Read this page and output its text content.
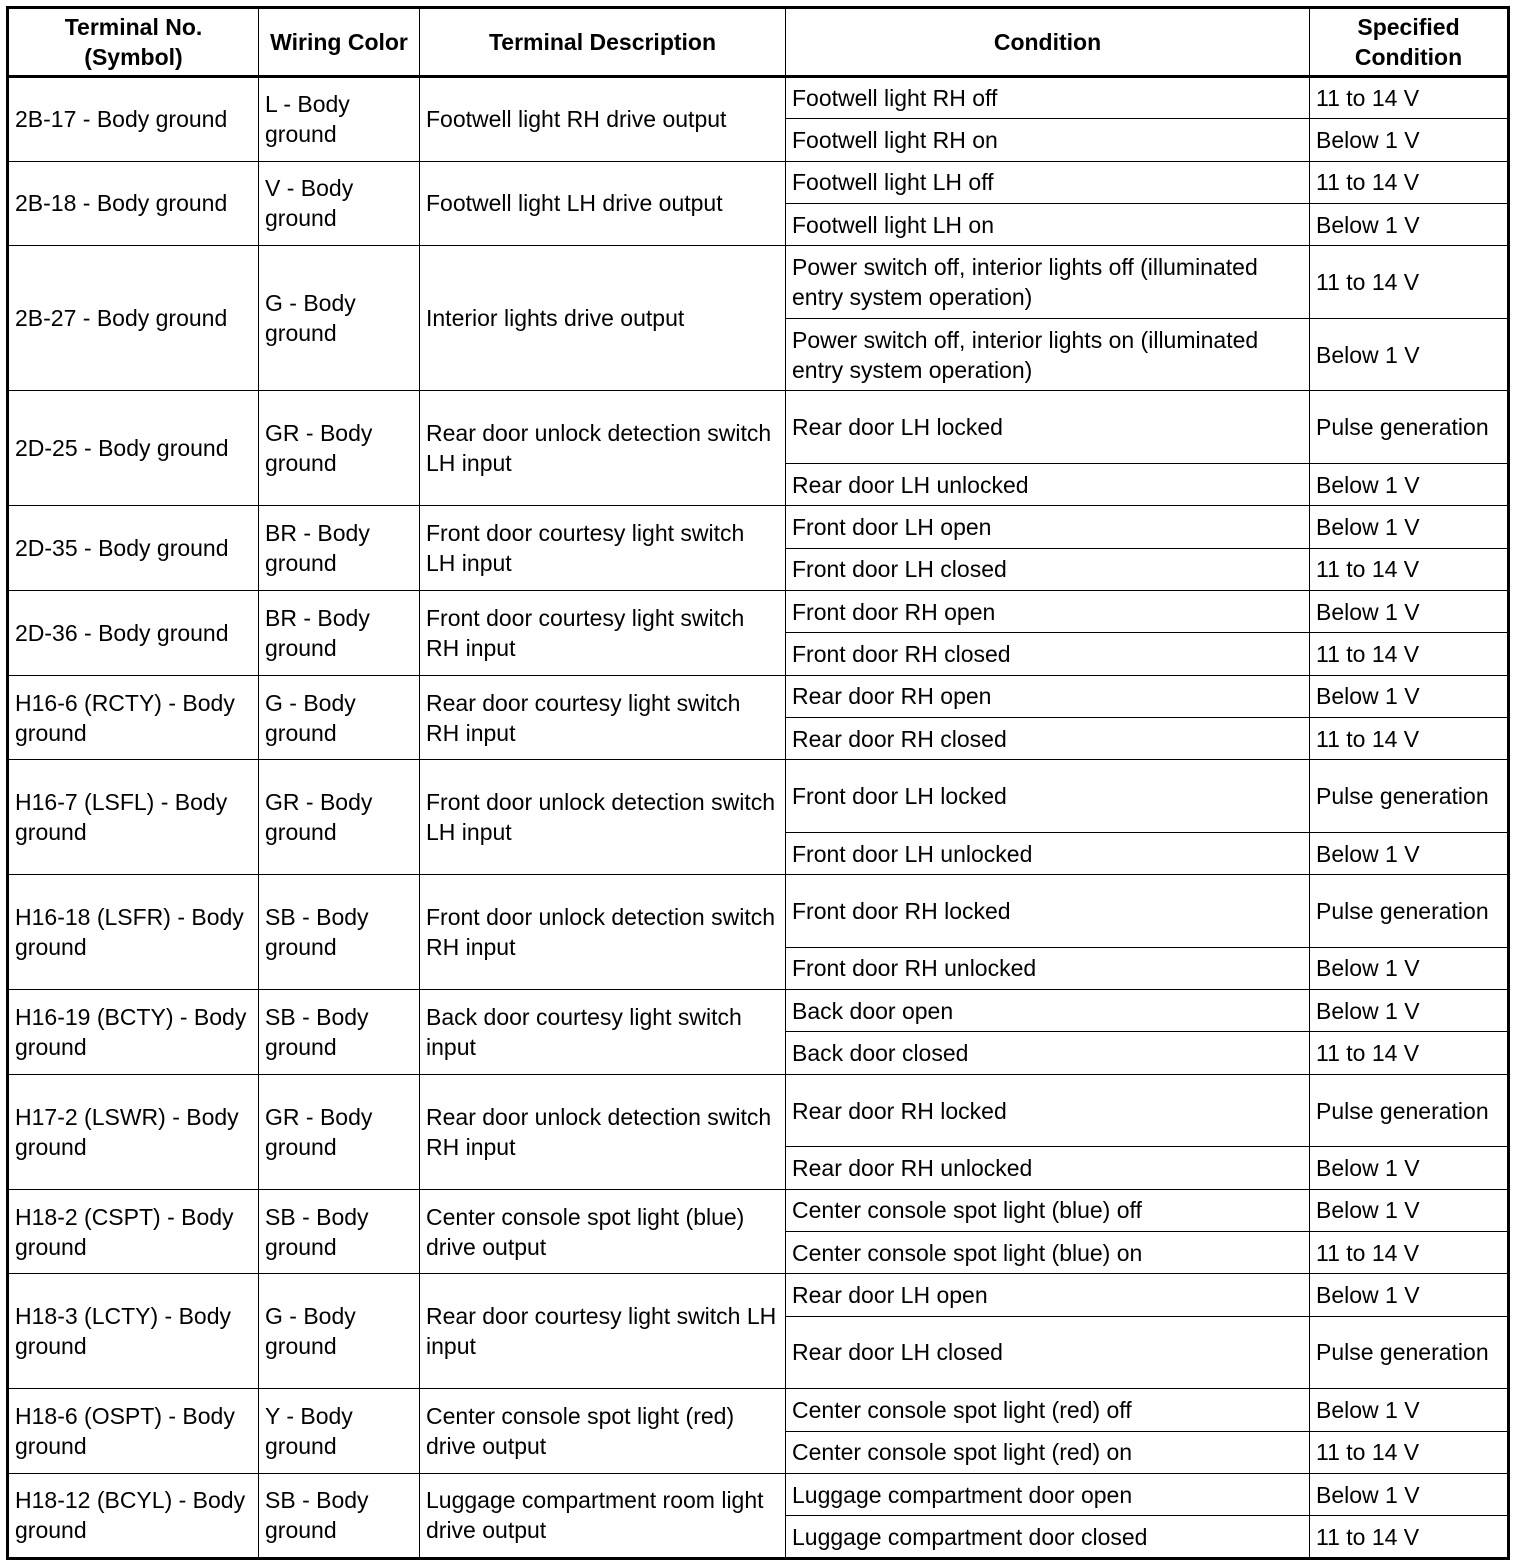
Terminal No.
(Symbol)	Wiring Color	Terminal Description	Condition	Specified
Condition
2B-17 - Body ground	L - Body ground	Footwell light RH drive output	Footwell light RH off	11 to 14 V
			Footwell light RH on	Below 1 V
2B-18 - Body ground	V - Body ground	Footwell light LH drive output	Footwell light LH off	11 to 14 V
			Footwell light LH on	Below 1 V
2B-27 - Body ground	G - Body ground	Interior lights drive output	Power switch off, interior lights off (illuminated entry system operation)	11 to 14 V
			Power switch off, interior lights on (illuminated entry system operation)	Below 1 V
2D-25 - Body ground	GR - Body ground	Rear door unlock detection switch LH input	Rear door LH locked	Pulse generation
			Rear door LH unlocked	Below 1 V
2D-35 - Body ground	BR - Body ground	Front door courtesy light switch LH input	Front door LH open	Below 1 V
			Front door LH closed	11 to 14 V
2D-36 - Body ground	BR - Body ground	Front door courtesy light switch RH input	Front door RH open	Below 1 V
			Front door RH closed	11 to 14 V
H16-6 (RCTY) - Body ground	G - Body ground	Rear door courtesy light switch RH input	Rear door RH open	Below 1 V
			Rear door RH closed	11 to 14 V
H16-7 (LSFL) - Body ground	GR - Body ground	Front door unlock detection switch LH input	Front door LH locked	Pulse generation
			Front door LH unlocked	Below 1 V
H16-18 (LSFR) - Body ground	SB - Body ground	Front door unlock detection switch RH input	Front door RH locked	Pulse generation
			Front door RH unlocked	Below 1 V
H16-19 (BCTY) - Body ground	SB - Body ground	Back door courtesy light switch input	Back door open	Below 1 V
			Back door closed	11 to 14 V
H17-2 (LSWR) - Body ground	GR - Body ground	Rear door unlock detection switch RH input	Rear door RH locked	Pulse generation
			Rear door RH unlocked	Below 1 V
H18-2 (CSPT) - Body ground	SB - Body ground	Center console spot light (blue) drive output	Center console spot light (blue) off	Below 1 V
			Center console spot light (blue) on	11 to 14 V
H18-3 (LCTY) - Body ground	G - Body ground	Rear door courtesy light switch LH input	Rear door LH open	Below 1 V
			Rear door LH closed	Pulse generation
H18-6 (OSPT) - Body ground	Y - Body ground	Center console spot light (red) drive output	Center console spot light (red) off	Below 1 V
			Center console spot light (red) on	11 to 14 V
H18-12 (BCYL) - Body ground	SB - Body ground	Luggage compartment room light drive output	Luggage compartment door open	Below 1 V
			Luggage compartment door closed	11 to 14 V
